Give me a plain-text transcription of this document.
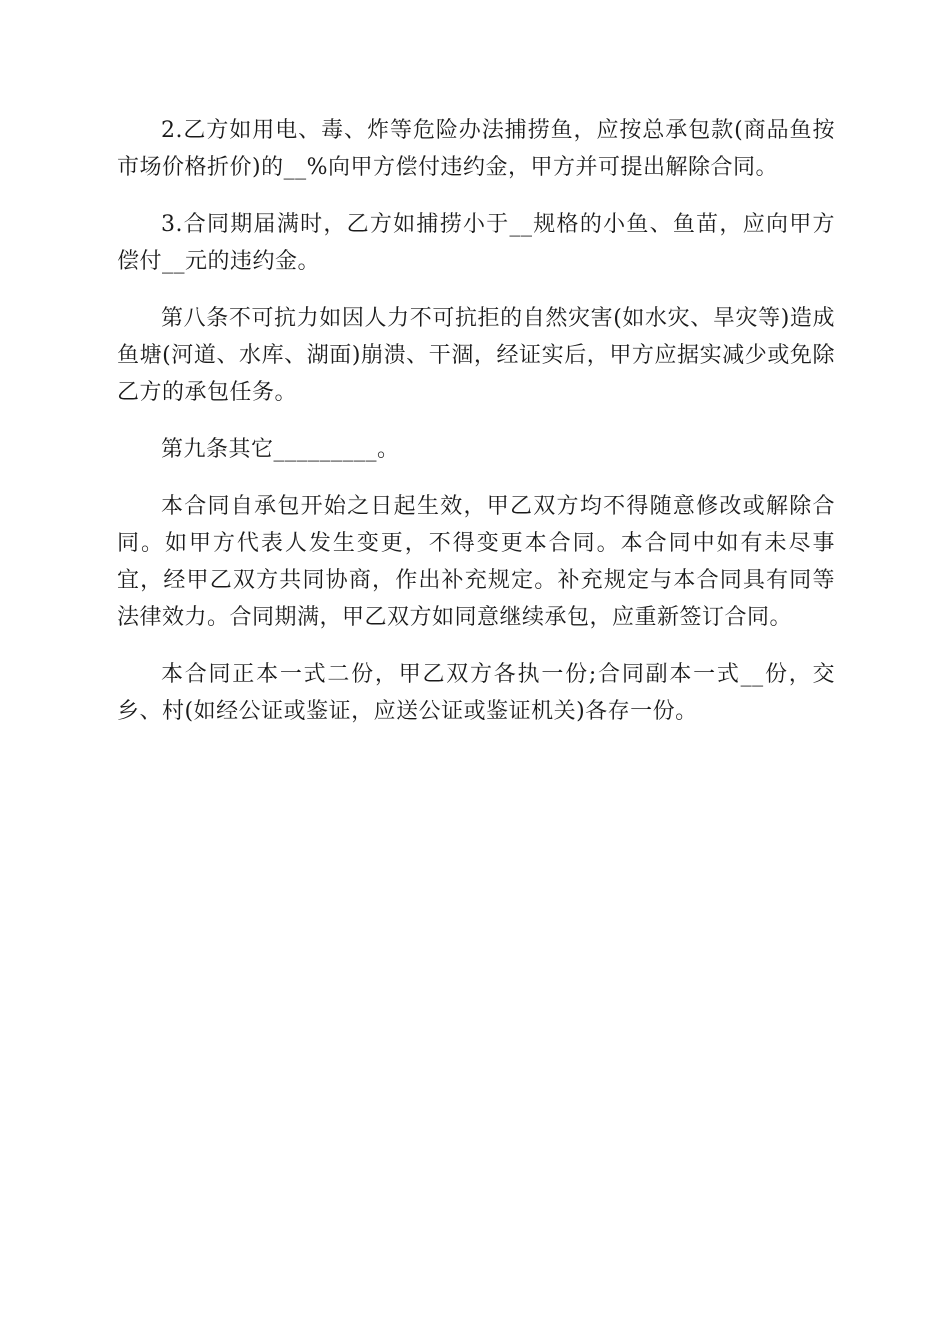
2.乙方如用电、毒、炸等危险办法捕捞鱼，应按总承包款(商品鱼按市场价格折价)的__%向甲方偿付违约金，甲方并可提出解除合同。

3.合同期届满时，乙方如捕捞小于__规格的小鱼、鱼苗，应向甲方偿付__元的违约金。

第八条不可抗力如因人力不可抗拒的自然灾害(如水灾、旱灾等)造成鱼塘(河道、水库、湖面)崩溃、干涸，经证实后，甲方应据实减少或免除乙方的承包任务。

第九条其它_________。

本合同自承包开始之日起生效，甲乙双方均不得随意修改或解除合同。如甲方代表人发生变更，不得变更本合同。本合同中如有未尽事宜，经甲乙双方共同协商，作出补充规定。补充规定与本合同具有同等法律效力。合同期满，甲乙双方如同意继续承包，应重新签订合同。

本合同正本一式二份，甲乙双方各执一份;合同副本一式__份，交乡、村(如经公证或鉴证，应送公证或鉴证机关)各存一份。
